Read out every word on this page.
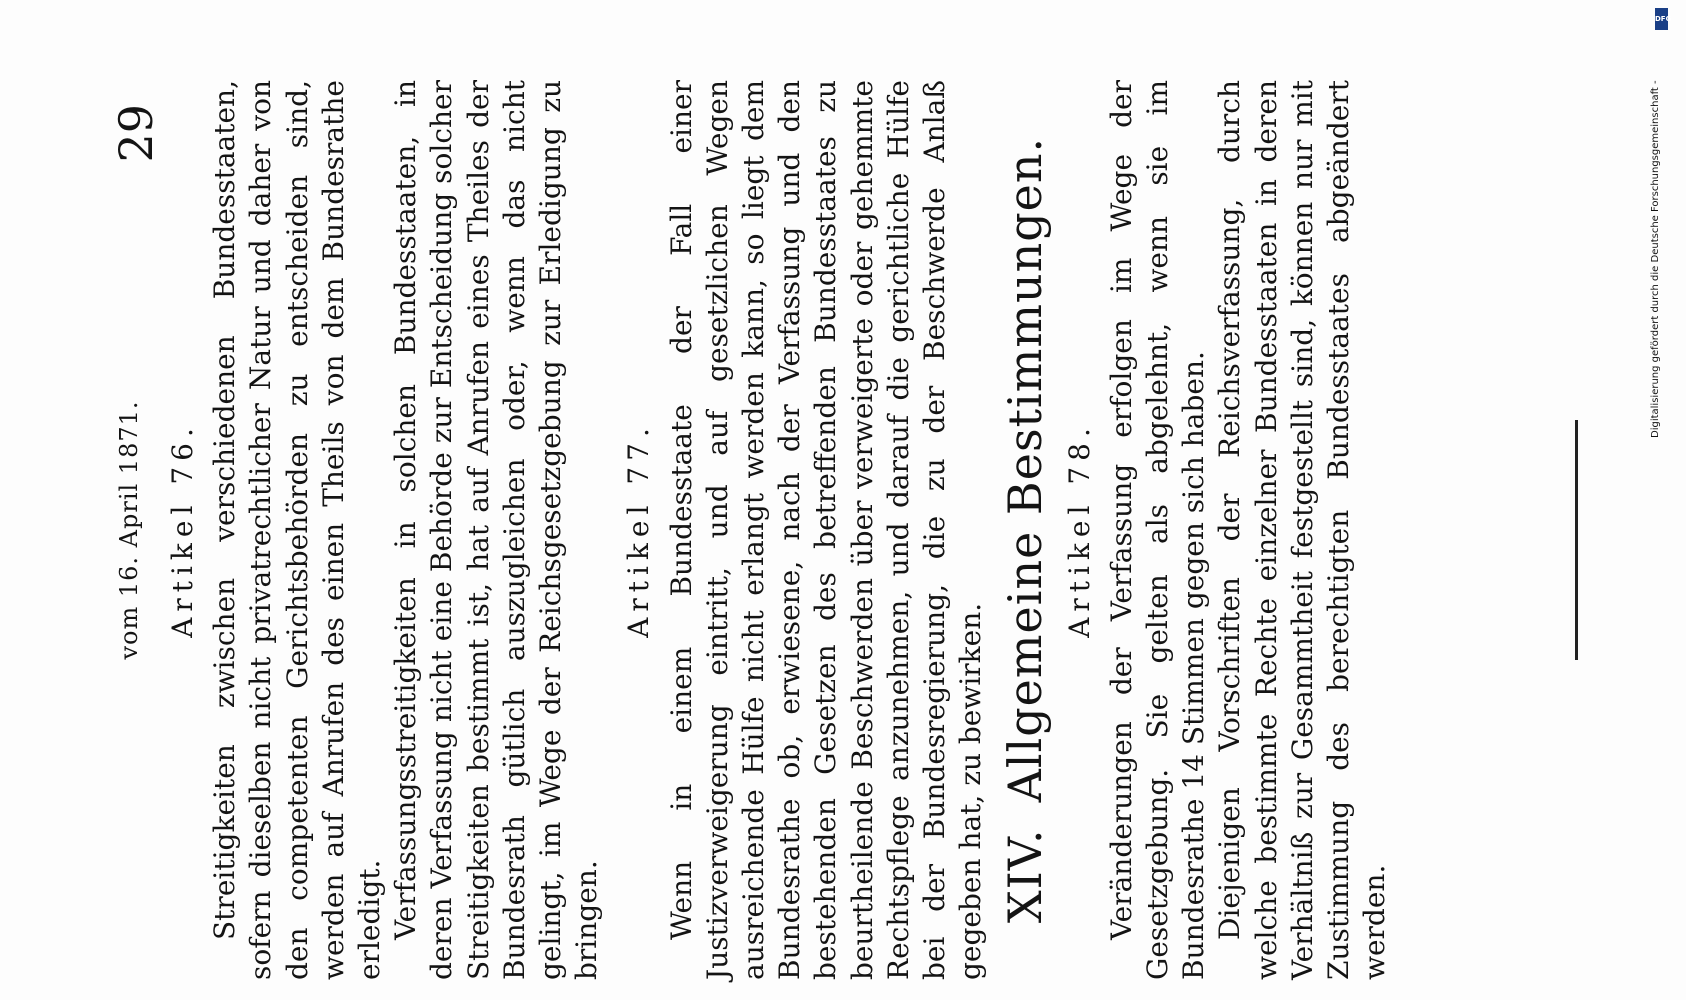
vom 16. April 1871.
29
Artikel 76. Streitigkeiten zwischen verschiedenen Bundesstaaten, sofern dieselben nicht privatrechtlicher Natur und daher von den competenten Gerichtsbehörden zu entscheiden sind, werden auf Anrufen des einen Theils von dem Bundesrathe erledigt. Verfassungsstreitigkeiten in solchen Bundesstaaten, in deren Verfassung nicht eine Behörde zur Entscheidung solcher Streitigkeiten bestimmt ist, hat auf Anrufen eines Theiles der Bundesrath gütlich auszugleichen oder, wenn das nicht gelingt, im Wege der Reichsgesetzgebung zur Erledigung zu bringen.

Artikel 77. Wenn in einem Bundesstaate der Fall einer Justizverweigerung eintritt, und auf gesetzlichen Wegen ausreichende Hülfe nicht erlangt werden kann, so liegt dem Bundesrathe ob, erwiesene, nach der Verfassung und den bestehenden Gesetzen des betreffenden Bundesstaates zu beurtheilende Beschwerden über verweigerte oder gehemmte Rechtspflege anzunehmen, und darauf die gerichtliche Hülfe bei der Bundesregierung, die zu der Beschwerde Anlaß gegeben hat, zu bewirken. XIV.Allgemeine Bestimmungen. Artikel 78. Veränderungen der Verfassung erfolgen im Wege der Gesetzgebung. Sie gelten als abgelehnt, wenn sie im Bundesrathe 14 Stimmen gegen sich haben. Diejenigen Vorschriften der Reichsverfassung, durch welche bestimmte Rechte einzelner Bundesstaaten in deren Verhältniß zur Gesammtheit festgestellt sind, können nur mit Zustimmung des berechtigten Bundesstaates abgeändert werden.

DFG
Digitalisierung gefördert durch die Deutsche Forschungsgemeinschaft -
